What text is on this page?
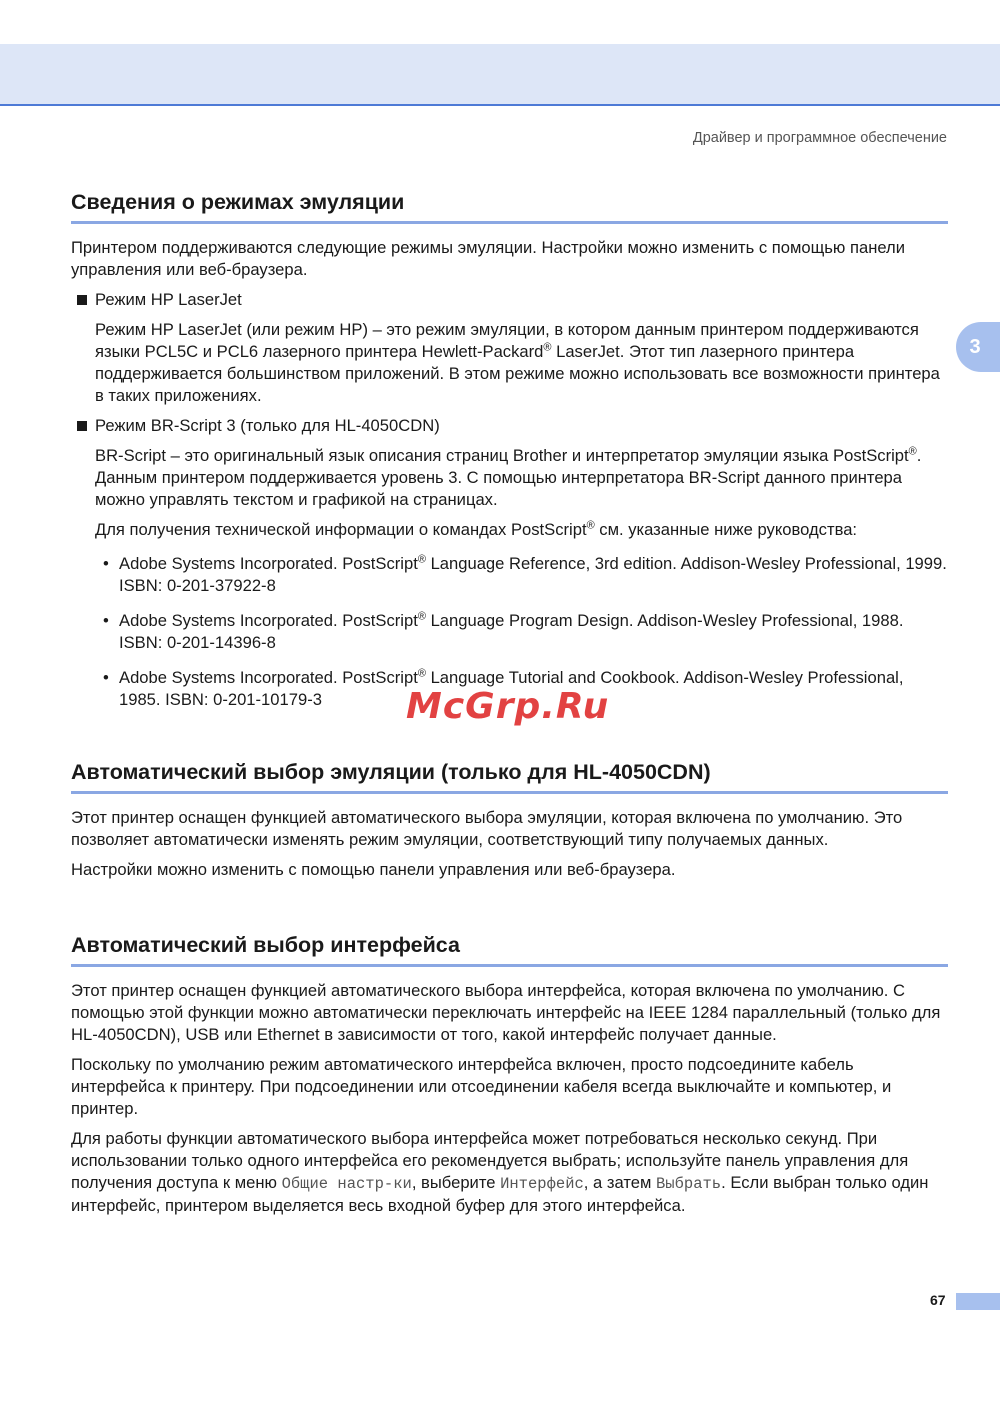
Драйвер и программное обеспечение
3
Сведения о режимах эмуляции

Принтером поддерживаются следующие режимы эмуляции. Настройки можно изменить с помощью панели управления или веб-браузера.

Режим HP LaserJet

Режим HP LaserJet (или режим HP) – это режим эмуляции, в котором данным принтером поддерживаются языки PCL5C и PCL6 лазерного принтера Hewlett-Packard® LaserJet. Этот тип лазерного принтера поддерживается большинством приложений. В этом режиме можно использовать все возможности принтера в таких приложениях.

Режим BR-Script 3 (только для HL-4050CDN)

BR-Script – это оригинальный язык описания страниц Brother и интерпретатор эмуляции языка PostScript®. Данным принтером поддерживается уровень 3. С помощью интерпретатора BR-Script данного принтера можно управлять текстом и графикой на страницах.

Для получения технической информации о командах PostScript® см. указанные ниже руководства:

• Adobe Systems Incorporated. PostScript® Language Reference, 3rd edition. Addison-Wesley Professional, 1999. ISBN: 0-201-37922-8
• Adobe Systems Incorporated. PostScript® Language Program Design. Addison-Wesley Professional, 1988. ISBN: 0-201-14396-8
• Adobe Systems Incorporated. PostScript® Language Tutorial and Cookbook. Addison-Wesley Professional, 1985. ISBN: 0-201-10179-3
Автоматический выбор эмуляции (только для HL-4050CDN)

Этот принтер оснащен функцией автоматического выбора эмуляции, которая включена по умолчанию. Это позволяет автоматически изменять режим эмуляции, соответствующий типу получаемых данных.

Настройки можно изменить с помощью панели управления или веб-браузера.

Автоматический выбор интерфейса

Этот принтер оснащен функцией автоматического выбора интерфейса, которая включена по умолчанию. С помощью этой функции можно автоматически переключать интерфейс на IEEE 1284 параллельный (только для HL-4050CDN), USB или Ethernet в зависимости от того, какой интерфейс получает данные.

Поскольку по умолчанию режим автоматического интерфейса включен, просто подсоедините кабель интерфейса к принтеру. При подсоединении или отсоединении кабеля всегда выключайте и компьютер, и принтер.

Для работы функции автоматического выбора интерфейса может потребоваться несколько секунд. При использовании только одного интерфейса его рекомендуется выбрать; используйте панель управления для получения доступа к меню Общие настр-ки, выберите Интерфейс, а затем Выбрать. Если выбран только один интерфейс, принтером выделяется весь входной буфер для этого интерфейса.

McGrp.Ru
67
